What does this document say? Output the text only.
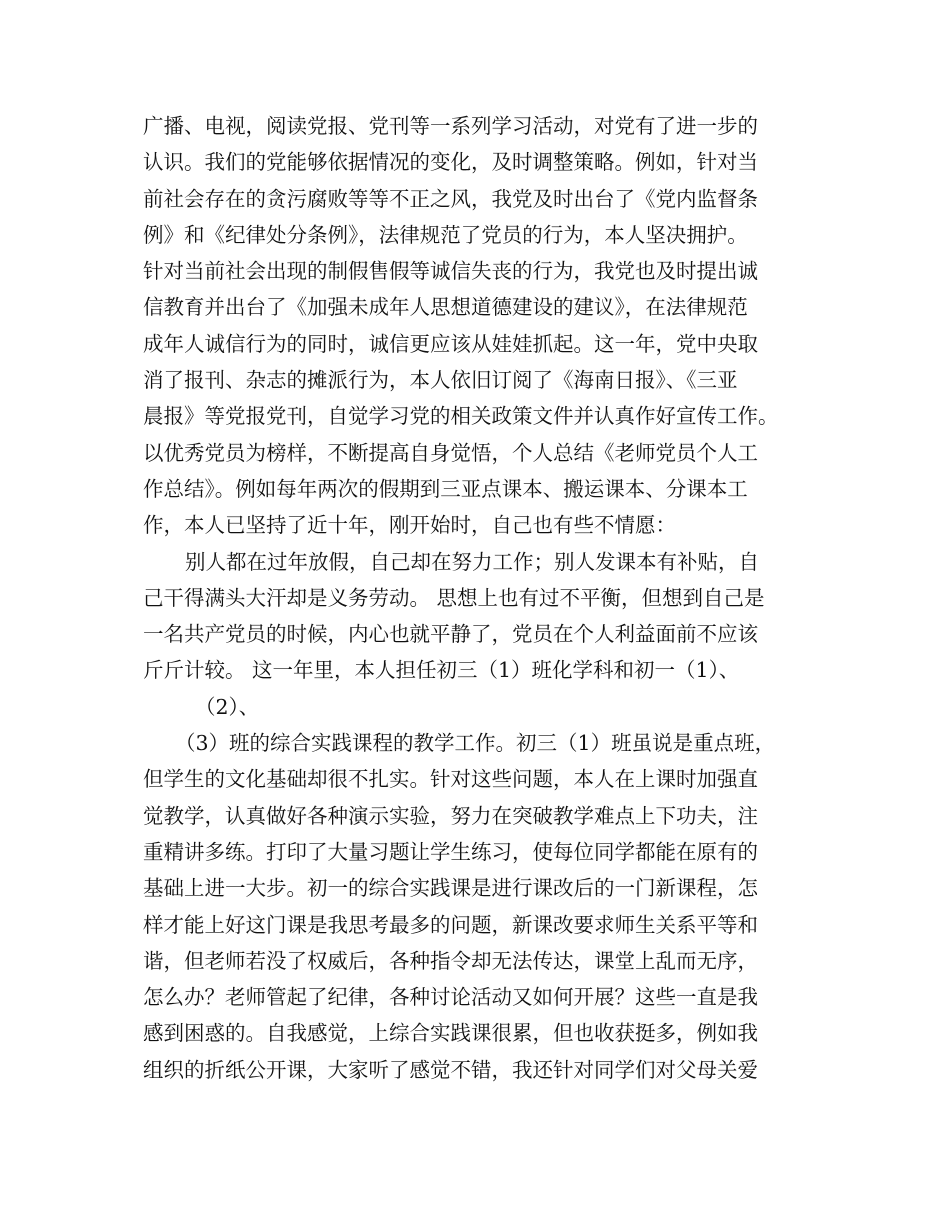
广播、电视，阅读党报、党刊等一系列学习活动，对党有了进一步的
认识。我们的党能够依据情况的变化，及时调整策略。例如，针对当
前社会存在的贪污腐败等等不正之风，我党及时出台了《党内监督条
例》和《纪律处分条例》，法律规范了党员的行为，本人坚决拥护。
针对当前社会出现的制假售假等诚信失丧的行为，我党也及时提出诚
信教育并出台了《加强未成年人思想道德建设的建议》，在法律规范
成年人诚信行为的同时，诚信更应该从娃娃抓起。这一年，党中央取
消了报刊、杂志的摊派行为，本人依旧订阅了《海南日报》、《三亚
晨报》等党报党刊，自觉学习党的相关政策文件并认真作好宣传工作。
以优秀党员为榜样，不断提高自身觉悟，个人总结《老师党员个人工
作总结》。例如每年两次的假期到三亚点课本、搬运课本、分课本工
作，本人已坚持了近十年，刚开始时，自己也有些不情愿：
别人都在过年放假，自己却在努力工作；别人发课本有补贴，自
己干得满头大汗却是义务劳动。 思想上也有过不平衡，但想到自己是
一名共产党员的时候，内心也就平静了，党员在个人利益面前不应该
斤斤计较。 这一年里，本人担任初三（1）班化学科和初一（1）、
（2）、
（3）班的综合实践课程的教学工作。初三（1）班虽说是重点班，
但学生的文化基础却很不扎实。针对这些问题，本人在上课时加强直
觉教学，认真做好各种演示实验，努力在突破教学难点上下功夫，注
重精讲多练。打印了大量习题让学生练习，使每位同学都能在原有的
基础上进一大步。初一的综合实践课是进行课改后的一门新课程，怎
样才能上好这门课是我思考最多的问题，新课改要求师生关系平等和
谐，但老师若没了权威后，各种指令却无法传达，课堂上乱而无序，
怎么办？老师管起了纪律，各种讨论活动又如何开展？这些一直是我
感到困惑的。自我感觉，上综合实践课很累，但也收获挺多，例如我
组织的折纸公开课，大家听了感觉不错，我还针对同学们对父母关爱
